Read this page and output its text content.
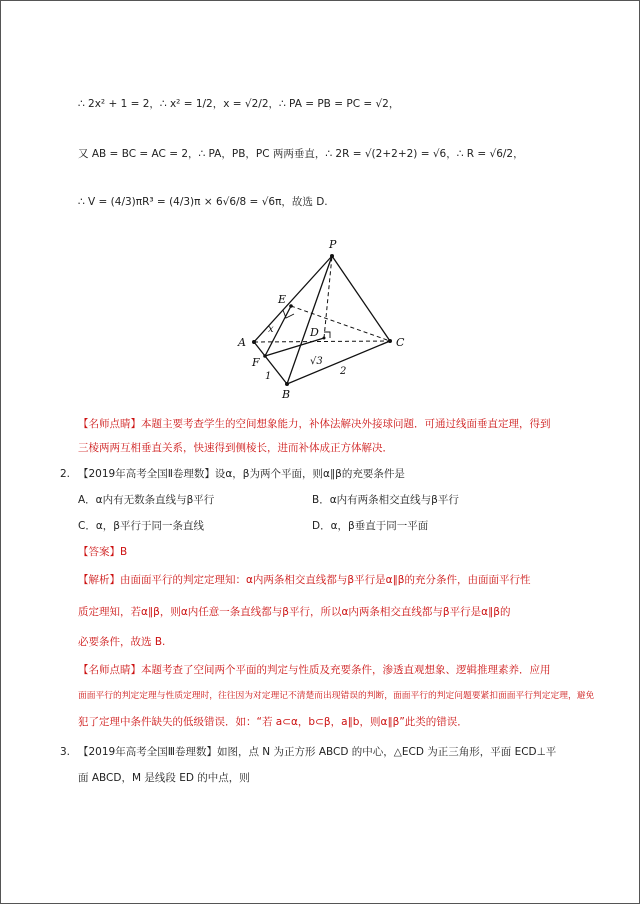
∴ 2x² + 1 = 2，∴ x² = 1/2，x = √2/2，∴ PA = PB = PC = √2，
又 AB = BC = AC = 2，∴ PA，PB，PC 两两垂直，∴ 2R = √(2+2+2) = √6，∴ R = √6/2，
∴ V = (4/3)πR³ = (4/3)π × 6√6/8 = √6π，故选 D.
P
E
A
D
C
F
B
x
1	2
√3
【名师点睛】本题主要考查学生的空间想象能力，补体法解决外接球问题．可通过线面垂直定理，得到
三棱两两互相垂直关系，快速得到侧棱长，进而补体成正方体解决．
2. 【2019年高考全国Ⅱ卷理数】设α，β为两个平面，则α∥β的充要条件是
A．α内有无数条直线与β平行	B．α内有两条相交直线与β平行
C．α，β平行于同一条直线	D．α，β垂直于同一平面
【答案】B
【解析】由面面平行的判定定理知：α内两条相交直线都与β平行是α∥β的充分条件，由面面平行性
质定理知，若α∥β，则α内任意一条直线都与β平行，所以α内两条相交直线都与β平行是α∥β的
必要条件，故选 B.
【名师点睛】本题考查了空间两个平面的判定与性质及充要条件，渗透直观想象、逻辑推理素养．应用
面面平行的判定定理与性质定理时，往往因为对定理记不清楚而出现错误的判断，面面平行的判定问题要紧扣面面平行判定定理，避免
犯了定理中条件缺失的低级错误．如：“若 a⊂α，b⊂β，a∥b，则α∥β”此类的错误．
3. 【2019年高考全国Ⅲ卷理数】如图，点 N 为正方形 ABCD 的中心，△ECD 为正三角形，平面 ECD⊥平
面 ABCD，M 是线段 ED 的中点，则
